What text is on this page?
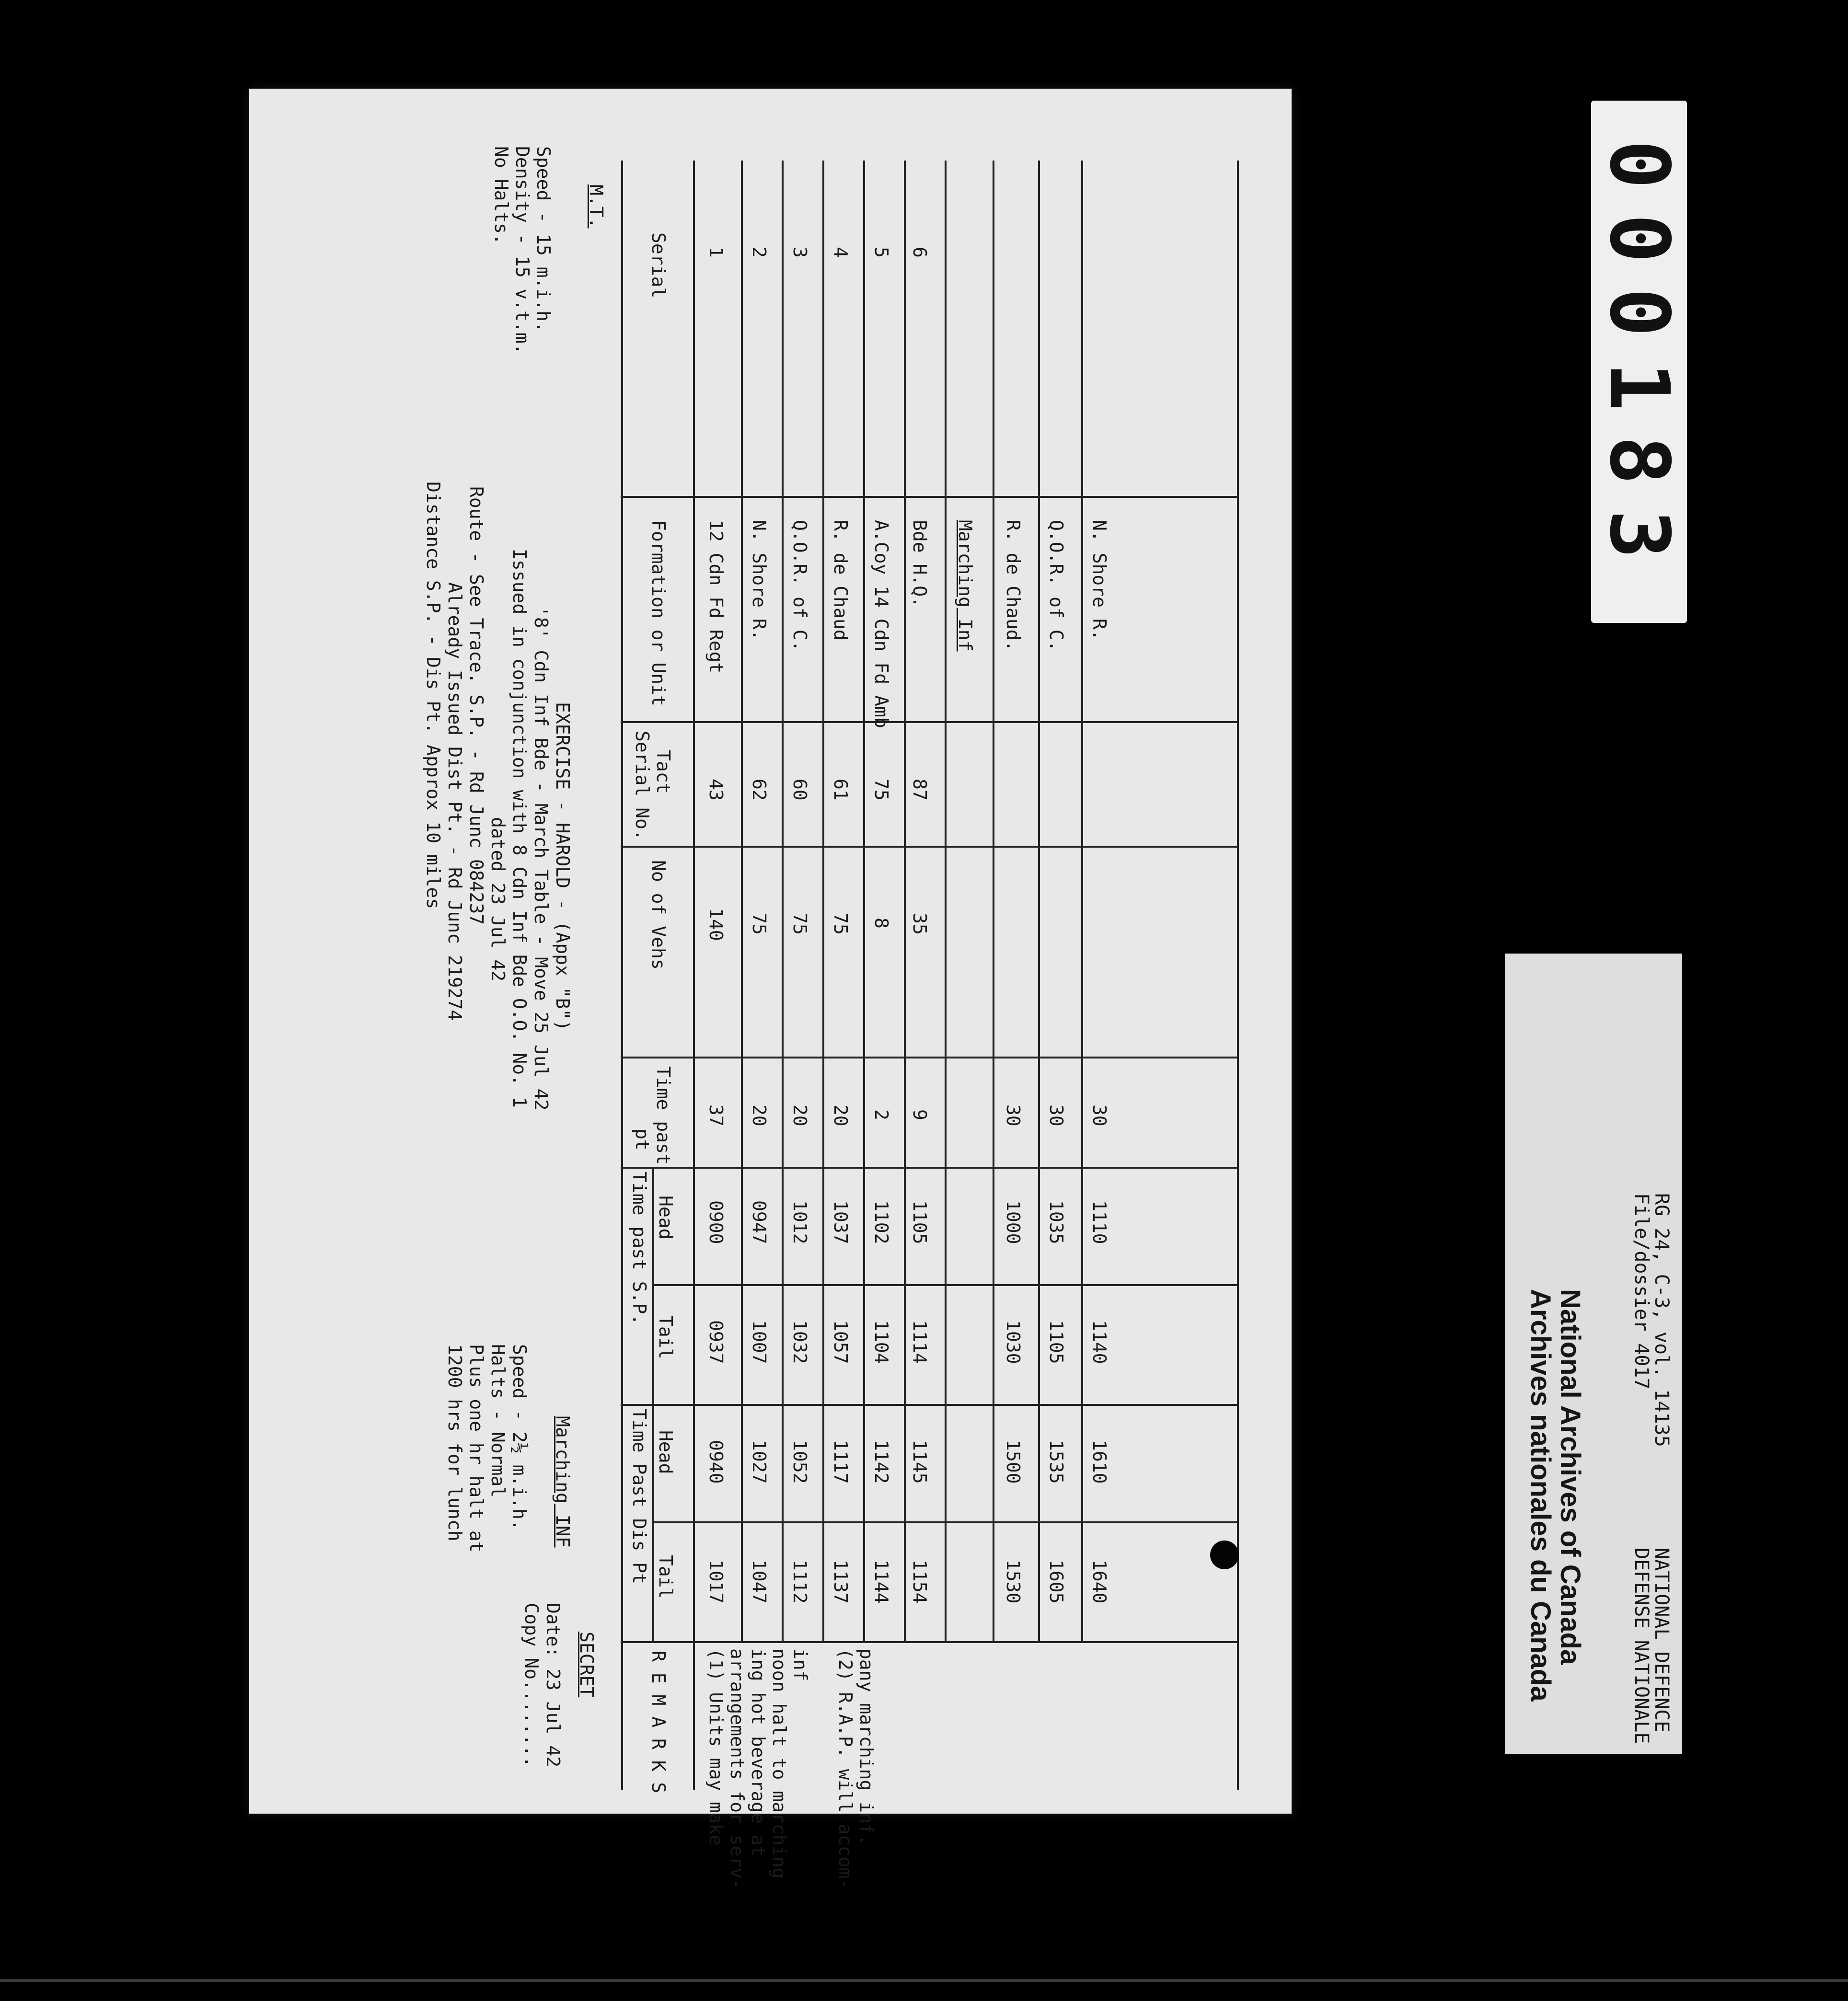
M.T.
Speed - 15 m.i.h.
Density - 15 v.t.m.
No Halts.
EXERCISE - HAROLD - (Appx "B")
'8' Cdn Inf Bde - March Table - Move 25 Jul 42
Issued in conjunction with 8 Cdn Inf Bde O.O. No. 1
dated 23 Jul 42
Route - See Trace. S.P. - Rd Junc 084237
Already Issued Dist Pt. - Rd Junc 219274
Distance S.P. - Dis Pt. Approx 10 miles
Marching INF
Speed - 2½ m.i.h.
Halts - Normal
Plus one hr halt at
1200 hrs for lunch
SECRET
Date: 23 Jul 42
Copy No........
Serial
Formation or Unit
Tact
Serial No.
No of Vehs
Time past
pt
Time past S.P. Head
Tail
Time Past Dis Pt Head
Tail
R E M A R K S
1
12 Cdn Fd Regt
43
140
37
0900
0937
0940
1017
2
N. Shore R.
62
75
20
0947
1007
1027
1047
3
Q.O.R. of C.
60
75
20
1012
1032
1052
1112
4
R. de Chaud
61
75
20
1037
1057
1117
1137
5
A.Coy 14 Cdn Fd Amb
75
8
2
1102
1104
1142
1144
6
Bde H.Q.
87
35
9
1105
1114
1145
1154
Marching Inf R. de Chaud.
30
1000
1030
1500
1530
Q.O.R. of C.
30
1035
1105
1535
1605
N. Shore R.
30
1110
1140
1610
1640
(1) Units may make arrangements for serv- ing hot beverage at noon halt to marching inf (2) R.A.P. will accom- pany marching inf.
NATIONAL DEFENCE
DEFENSE NATIONALE
RG 24, C-3, vol. 14135
File/dossier 4017
National Archives of Canada
Archives nationales du Canada
000183
